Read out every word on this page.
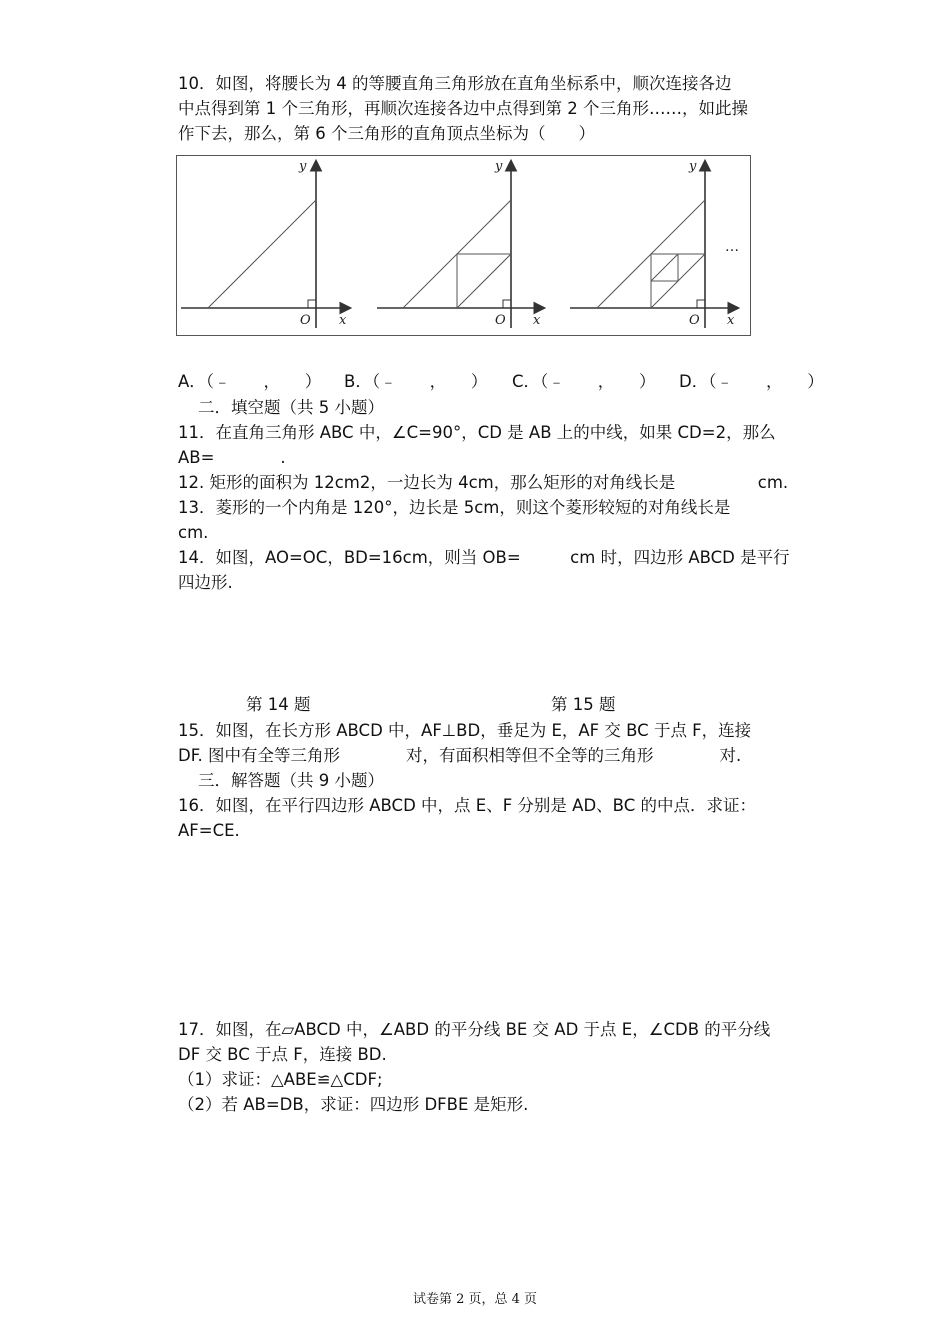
10．如图，将腰长为 4 的等腰直角三角形放在直角坐标系中，顺次连接各边
中点得到第 1 个三角形，再顺次连接各边中点得到第 2 个三角形……，如此操
作下去，那么，第 6 个三角形的直角顶点坐标为（　　）
y
O x
y
O x
y
O x
…
A．（﹣　　，　　） B．（﹣　　，　　） C．（﹣　　，　　） D．（﹣　　，　　）
二．填空题（共 5 小题）
11．在直角三角形 ABC 中，∠C=90°，CD 是 AB 上的中线，如果 CD=2，那么
AB=　　　　.
12. 矩形的面积为 12cm2，一边长为 4cm，那么矩形的对角线长是　　　　　cm.
13．菱形的一个内角是 120°，边长是 5cm，则这个菱形较短的对角线长是
cm.
14．如图，AO=OC，BD=16cm，则当 OB=　　　cm 时，四边形 ABCD 是平行
四边形.
第 14 题	第 15 题
15．如图，在长方形 ABCD 中，AF⊥BD，垂足为 E，AF 交 BC 于点 F，连接
DF. 图中有全等三角形　　　　对，有面积相等但不全等的三角形　　　　对.
三．解答题（共 9 小题）
16．如图，在平行四边形 ABCD 中，点 E、F 分别是 AD、BC 的中点．求证：
AF=CE.
17．如图，在▱ABCD 中，∠ABD 的平分线 BE 交 AD 于点 E，∠CDB 的平分线
DF 交 BC 于点 F，连接 BD.
（1）求证：△ABE≌△CDF;
（2）若 AB=DB，求证：四边形 DFBE 是矩形.
试卷第 2 页，总 4 页
